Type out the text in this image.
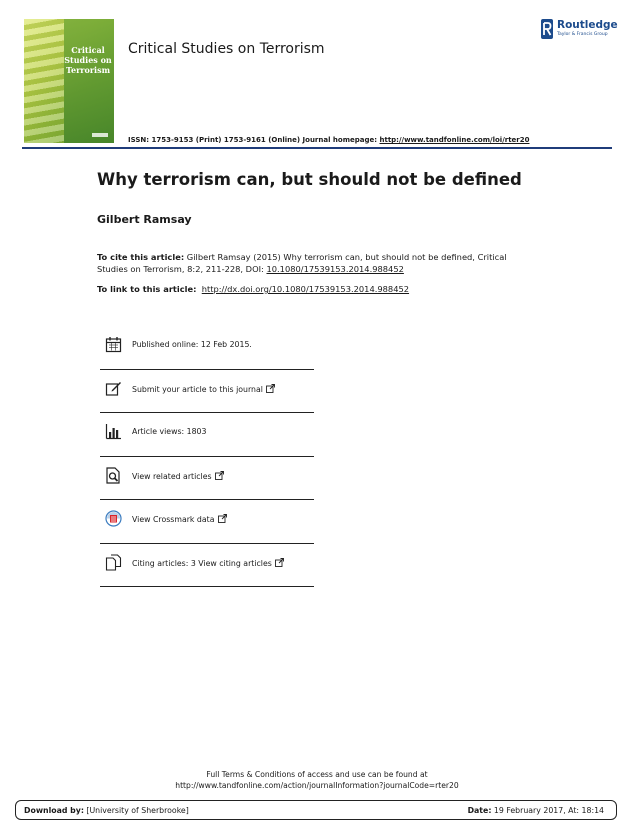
Critical Studies on Terrorism
Critical Studies on Terrorism
Routledge
Taylor & Francis Group
ISSN: 1753-9153 (Print) 1753-9161 (Online) Journal homepage: http://www.tandfonline.com/loi/rter20
Why terrorism can, but should not be defined
Gilbert Ramsay
To cite this article: Gilbert Ramsay (2015) Why terrorism can, but should not be defined, Critical Studies on Terrorism, 8:2, 211-228, DOI: 10.1080/17539153.2014.988452
To link to this article: http://dx.doi.org/10.1080/17539153.2014.988452
Published online: 12 Feb 2015.
Submit your article to this journal
Article views: 1803
View related articles
View Crossmark data
Citing articles: 3 View citing articles
Full Terms & Conditions of access and use can be found at
http://www.tandfonline.com/action/journalInformation?journalCode=rter20
Download by: [University of Sherbrooke]	Date: 19 February 2017, At: 18:14
